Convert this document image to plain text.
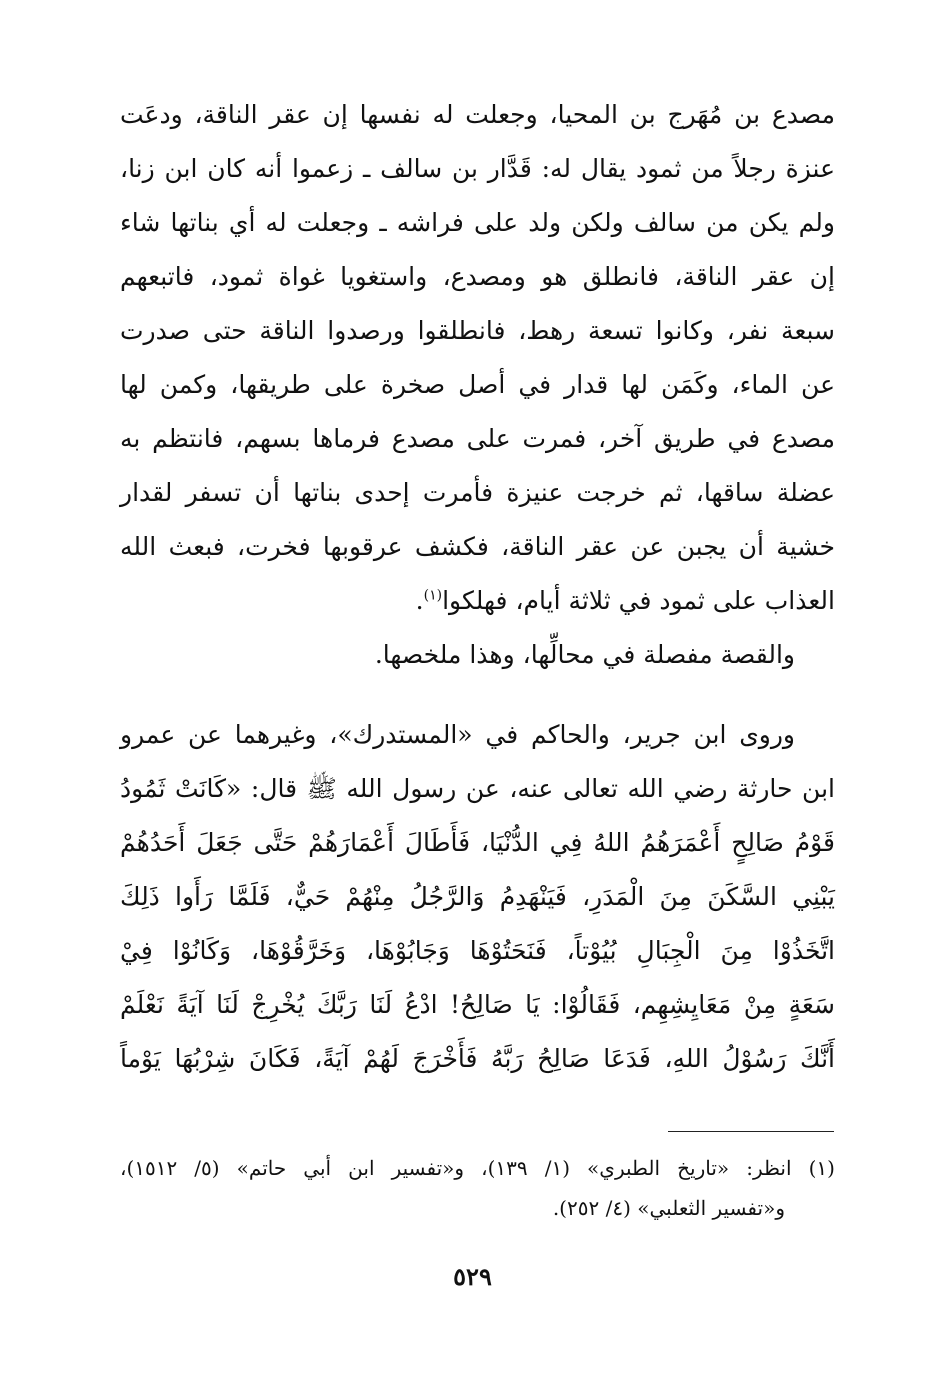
مصدع بن مُهَرج بن المحيا، وجعلت له نفسها إن عقر الناقة، ودعَت
عنزة رجلاً من ثمود يقال له: قَدَّار بن سالف ـ زعموا أنه كان ابن زنا،
ولم يكن من سالف ولكن ولد على فراشه ـ وجعلت له أي بناتها شاء
إن عقر الناقة، فانطلق هو ومصدع، واستغويا غواة ثمود، فاتبعهم
سبعة نفر، وكانوا تسعة رهط، فانطلقوا ورصدوا الناقة حتى صدرت
عن الماء، وكَمَن لها قدار في أصل صخرة على طريقها، وكمن لها
مصدع في طريق آخر، فمرت على مصدع فرماها بسهم، فانتظم به
عضلة ساقها، ثم خرجت عنيزة فأمرت إحدى بناتها أن تسفر لقدار
خشية أن يجبن عن عقر الناقة، فكشف عرقوبها فخرت، فبعث الله
العذاب على ثمود في ثلاثة أيام، فهلكوا$^{(١)}$.
والقصة مفصلة في محالِّها، وهذا ملخصها.
وروى ابن جرير، والحاكم في «المستدرك»، وغيرهما عن عمرو
ابن حارثة رضي الله تعالى عنه، عن رسول الله ﷺ قال: «كَانَتْ ثَمُودُ
قَوْمُ صَالِحٍ أَعْمَرَهُمُ اللهُ فِي الدُّنْيَا، فَأَطَالَ أَعْمَارَهُمْ حَتَّى جَعَلَ أَحَدُهُمْ
يَبْنِي السَّكَنَ مِنَ الْمَدَرِ، فَيَنْهَدِمُ وَالرَّجُلُ مِنْهُمْ حَيٌّ، فَلَمَّا رَأَوا ذَلِكَ
اتَّخَذُوْا مِنَ الْجِبَالِ بُيُوْتاً، فَنَحَتُوْهَا وَجَابُوْهَا، وَخَرَّقُوْهَا، وَكَانُوْا فِيْ
سَعَةٍ مِنْ مَعَايِشِهِم، فَقَالُوْا: يَا صَالِحُ! ادْعُ لَنَا رَبَّكَ يُخْرِجْ لَنَا آيَةً نَعْلَمْ
أَنَّكَ رَسُوْلُ اللهِ، فَدَعَا صَالِحُ رَبَّهُ فَأَخْرَجَ لَهُمْ آيَةً، فَكَانَ شِرْبُهَا يَوْماً
(١) انظر: «تاريخ الطبري» (١/ ١٣٩)، و«تفسير ابن أبي حاتم» (٥/ ١٥١٢)،
و«تفسير الثعلبي» (٤/ ٢٥٢).
٥٢٩
